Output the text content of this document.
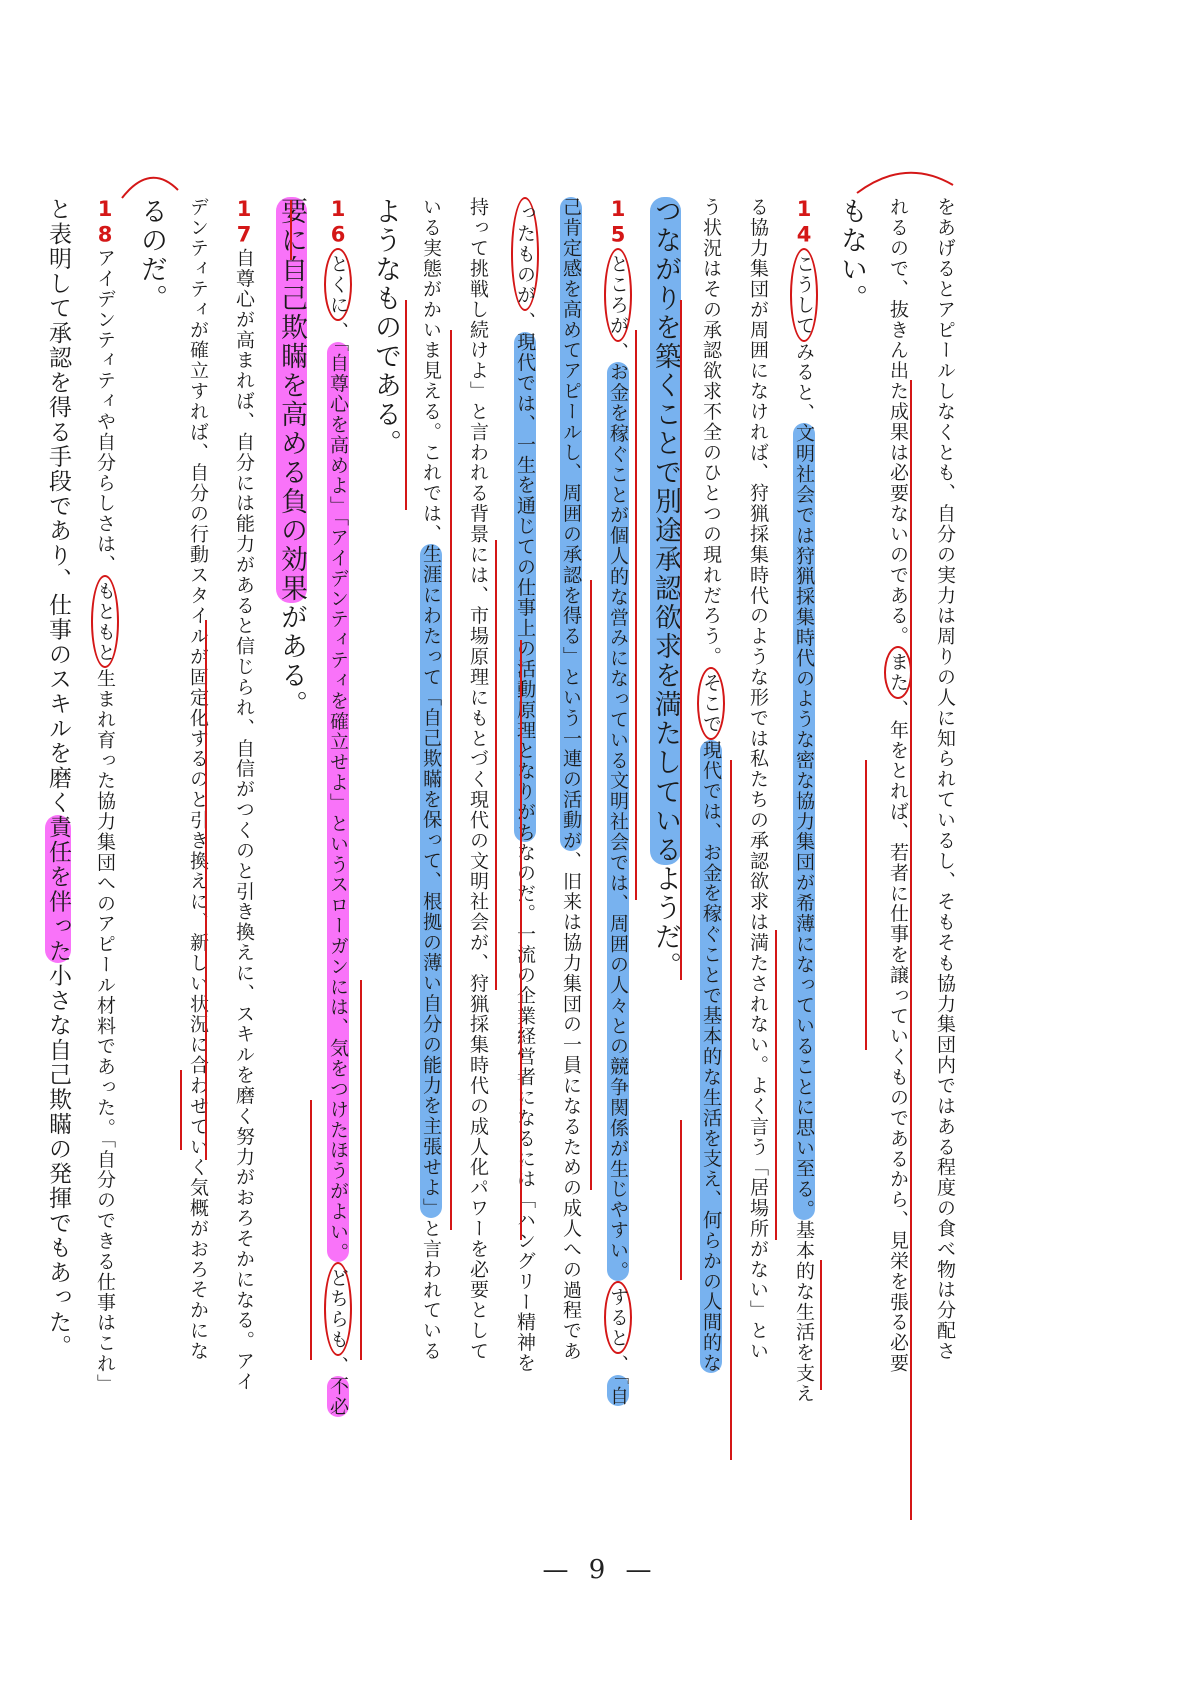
をあげるとアピールしなくとも、自分の実力は周りの人に知られているし、そもそも協力集団内ではある程度の食べ物は分配さ
れるので、抜きん出た成果は必要ないのである。また、年をとれば、若者に仕事を譲っていくものであるから、見栄を張る必要
もない。
14こうしてみると、文明社会では狩猟採集時代のような密な協力集団が希薄になっていることに思い至る。基本的な生活を支え
る協力集団が周囲になければ、狩猟採集時代のような形では私たちの承認欲求は満たされない。よく言う「居場所がない」とい
う状況はその承認欲求不全のひとつの現れだろう。そこで現代では、お金を稼ぐことで基本的な生活を支え、何らかの人間的な
つながりを築くことで別途承認欲求を満たしているようだ。
15ところが、お金を稼ぐことが個人的な営みになっている文明社会では、周囲の人々との競争関係が生じやすい。すると、「自
己肯定感を高めてアピールし、周囲の承認を得る」という一連の活動が、旧来は協力集団の一員になるための成人への過程であ
ったものが、現代では、一生を通じての仕事上の活動原理となりがちなのだ。一流の企業経営者になるには「ハングリー精神を
持って挑戦し続けよ」と言われる背景には、市場原理にもとづく現代の文明社会が、狩猟採集時代の成人化パワーを必要として
いる実態がかいま見える。これでは、生涯にわたって「自己欺瞞を保って、根拠の薄い自分の能力を主張せよ」と言われている
ようなものである。
16とくに、「自尊心を高めよ」「アイデンティティを確立せよ」というスローガンには、気をつけたほうがよい。どちらも、不必
要に自己欺瞞を高める負の効果がある。
17自尊心が高まれば、自分には能力があると信じられ、自信がつくのと引き換えに、スキルを磨く努力がおろそかになる。アイ
デンティティが確立すれば、自分の行動スタイルが固定化するのと引き換えに、新しい状況に合わせていく気概がおろそかにな
るのだ。
18アイデンティティや自分らしさは、もともと生まれ育った協力集団へのアピール材料であった。「自分のできる仕事はこれ」
と表明して承認を得る手段であり、仕事のスキルを磨く責任を伴った小さな自己欺瞞の発揮でもあった。
— 9 —
